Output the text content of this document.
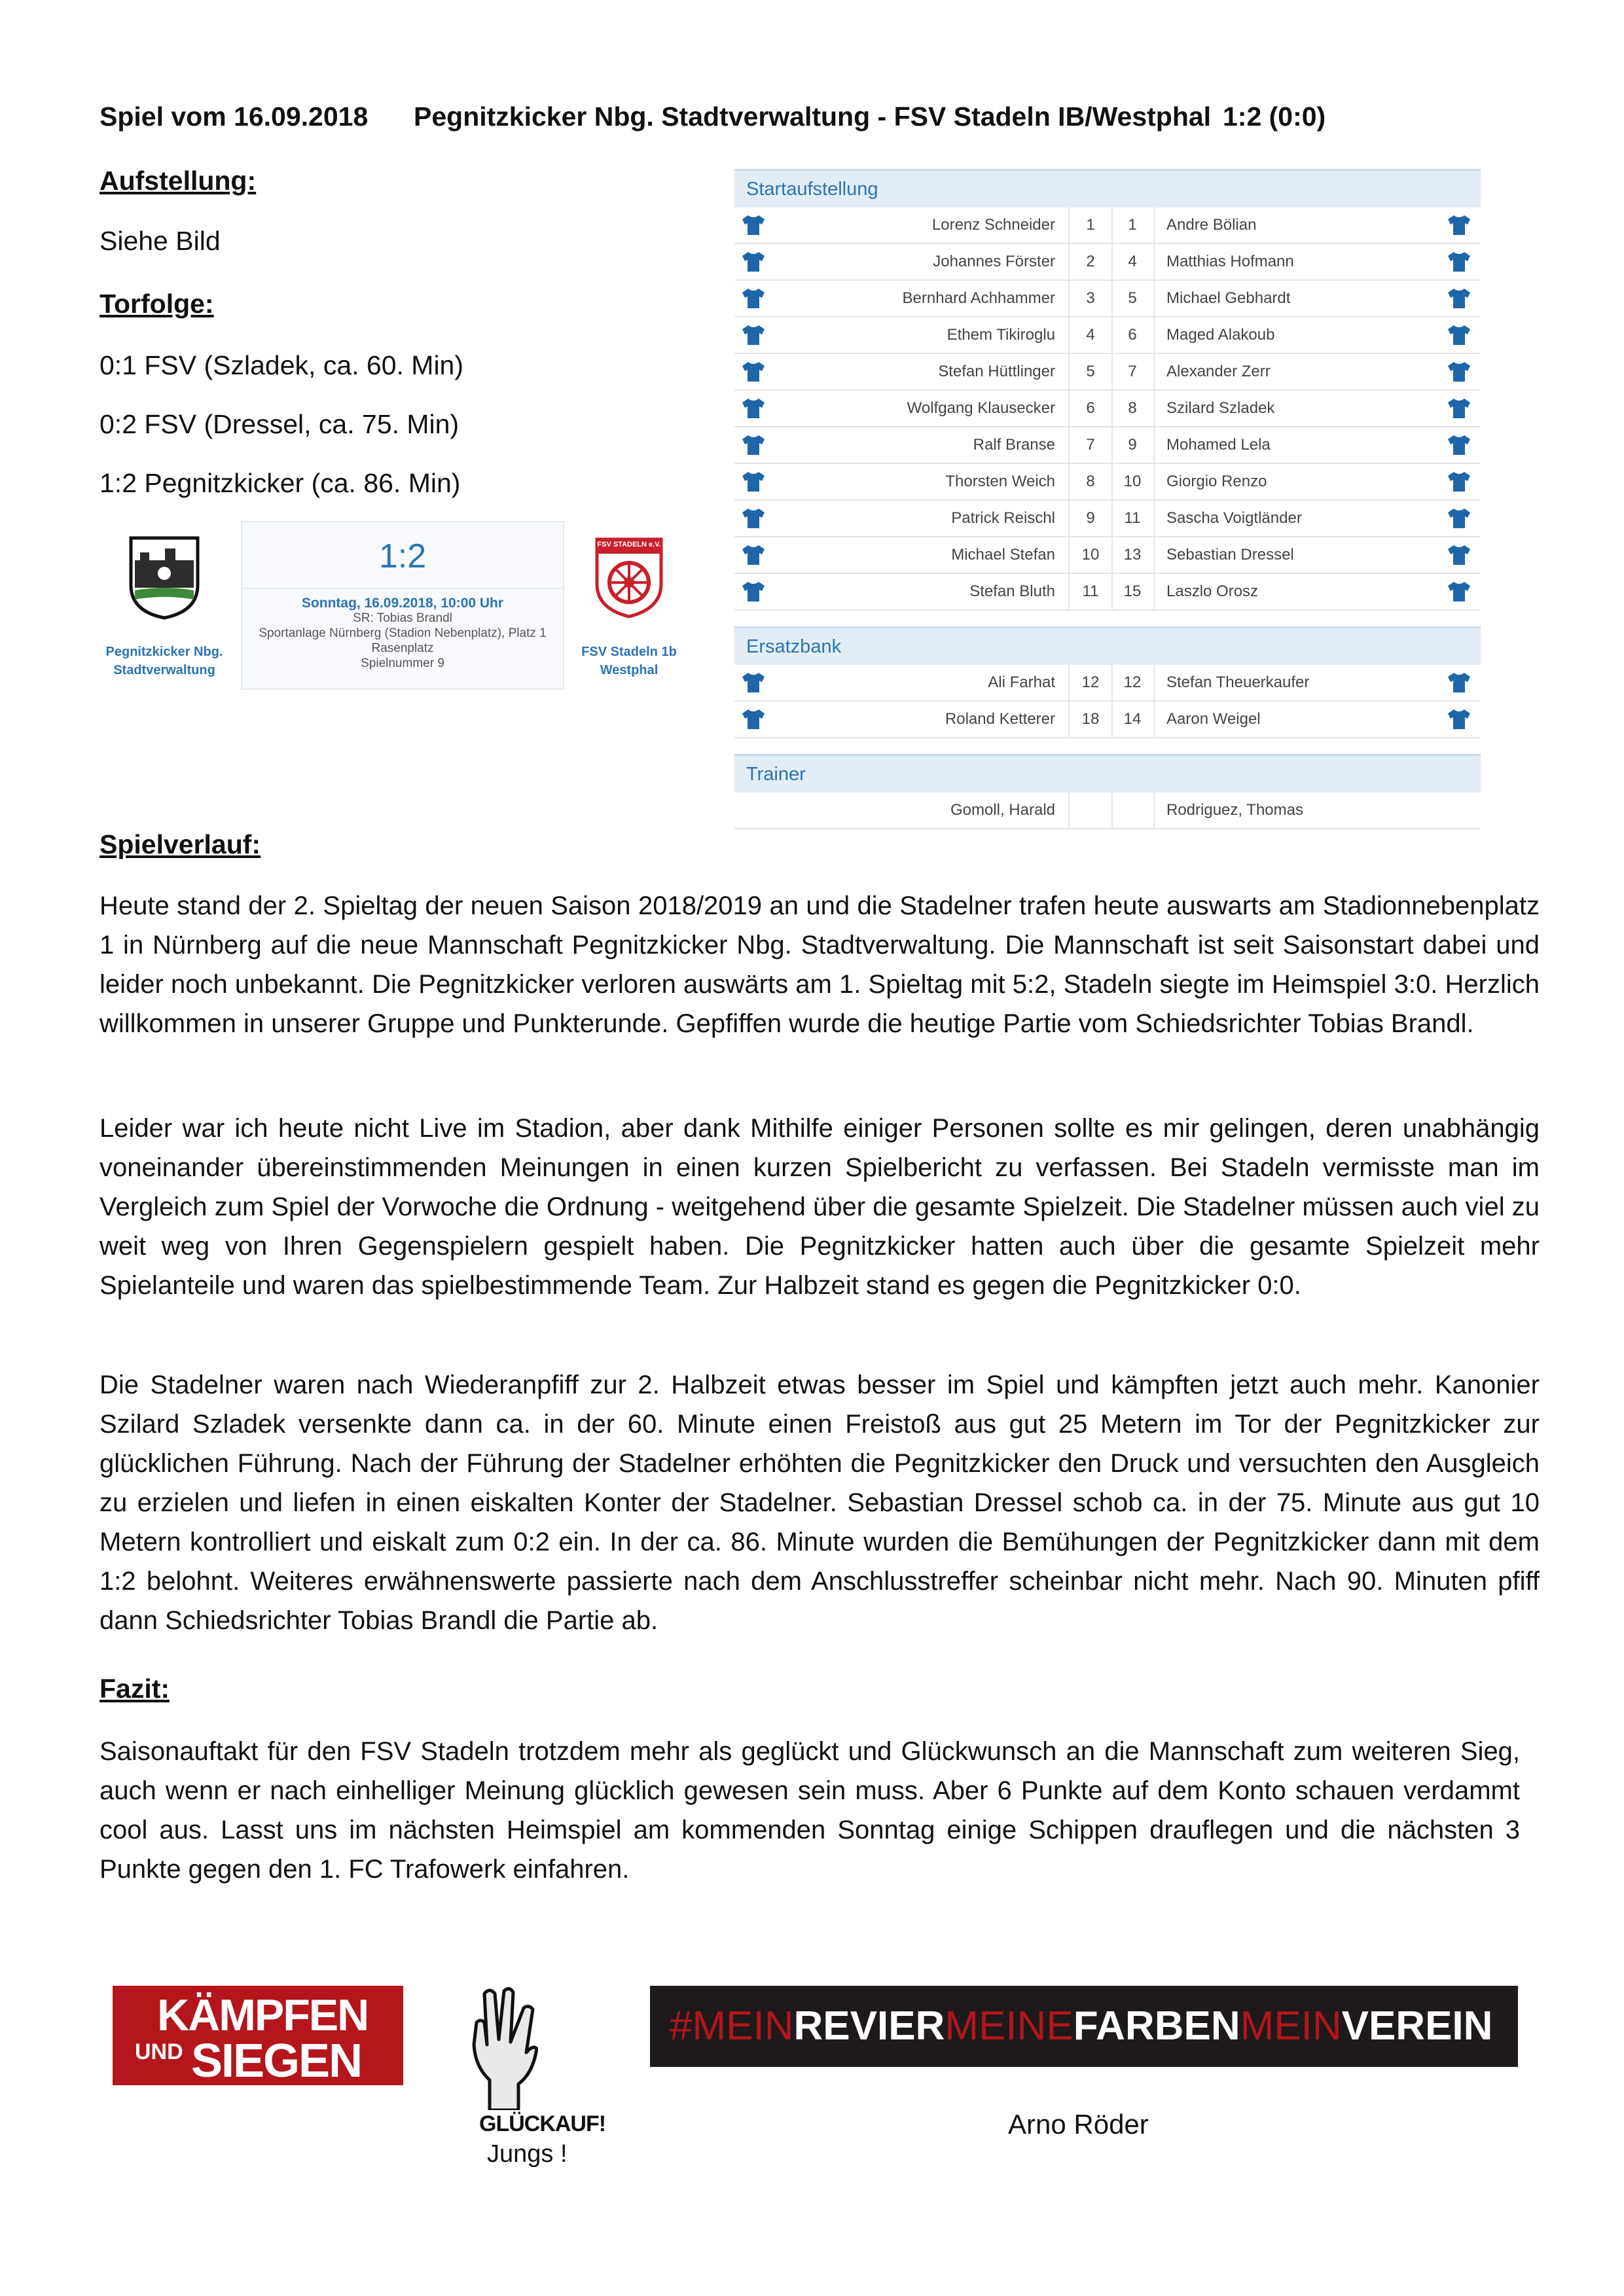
Spiel vom 16.09.2018 Pegnitzkicker Nbg. Stadtverwaltung - FSV Stadeln IB/Westphal 1:2 (0:0)
Aufstellung:
Siehe Bild
Torfolge:
0:1 FSV (Szladek, ca. 60. Min)
0:2 FSV (Dressel, ca. 75. Min)
1:2 Pegnitzkicker (ca. 86. Min)
PEGNITZ KICKER
Pegnitzkicker Nbg. Stadtverwaltung
1:2
Sonntag, 16.09.2018, 10:00 Uhr
SR: Tobias Brandl
Sportanlage Nürnberg (Stadion Nebenplatz), Platz 1
Rasenplatz
Spielnummer 9
FSV STADELN e.V.
FSV Stadeln 1b Westphal
Startaufstellung
Lorenz Schneider	1	1	Andre Bölian
Johannes Förster	2	4	Matthias Hofmann
Bernhard Achhammer	3	5	Michael Gebhardt
Ethem Tikiroglu	4	6	Maged Alakoub
Stefan Hüttlinger	5	7	Alexander Zerr
Wolfgang Klausecker	6	8	Szilard Szladek
Ralf Branse	7	9	Mohamed Lela
Thorsten Weich	8	10	Giorgio Renzo
Patrick Reischl	9	11	Sascha Voigtländer
Michael Stefan	10	13	Sebastian Dressel
Stefan Bluth	11	15	Laszlo Orosz
Ersatzbank
Ali Farhat	12	12	Stefan Theuerkaufer
Roland Ketterer	18	14	Aaron Weigel
Trainer
Gomoll, Harald	Rodriguez, Thomas
Spielverlauf:

Heute stand der 2. Spieltag der neuen Saison 2018/2019 an und die Stadelner trafen heute auswarts am Stadionnebenplatz 1 in Nürnberg auf die neue Mannschaft Pegnitzkicker Nbg. Stadtverwaltung. Die Mannschaft ist seit Saisonstart dabei und leider noch unbekannt. Die Pegnitzkicker verloren auswärts am 1. Spieltag mit 5:2, Stadeln siegte im Heimspiel 3:0. Herzlich willkommen in unserer Gruppe und Punkterunde. Gepfiffen wurde die heutige Partie vom Schiedsrichter Tobias Brandl.

Leider war ich heute nicht Live im Stadion, aber dank Mithilfe einiger Personen sollte es mir gelingen, deren unabhängig voneinander übereinstimmenden Meinungen in einen kurzen Spielbericht zu verfassen. Bei Stadeln vermisste man im Vergleich zum Spiel der Vorwoche die Ordnung - weitgehend über die gesamte Spielzeit. Die Stadelner müssen auch viel zu weit weg von Ihren Gegenspielern gespielt haben. Die Pegnitzkicker hatten auch über die gesamte Spielzeit mehr Spielanteile und waren das spielbestimmende Team. Zur Halbzeit stand es gegen die Pegnitzkicker 0:0.

Die Stadelner waren nach Wiederanpfiff zur 2. Halbzeit etwas besser im Spiel und kämpften jetzt auch mehr. Kanonier Szilard Szladek versenkte dann ca. in der 60. Minute einen Freistoß aus gut 25 Metern im Tor der Pegnitzkicker zur glücklichen Führung. Nach der Führung der Stadelner erhöhten die Pegnitzkicker den Druck und versuchten den Ausgleich zu erzielen und liefen in einen eiskalten Konter der Stadelner. Sebastian Dressel schob ca. in der 75. Minute aus gut 10 Metern kontrolliert und eiskalt zum 0:2 ein. In der ca. 86. Minute wurden die Bemühungen der Pegnitzkicker dann mit dem 1:2 belohnt. Weiteres erwähnenswerte passierte nach dem Anschlusstreffer scheinbar nicht mehr. Nach 90. Minuten pfiff dann Schiedsrichter Tobias Brandl die Partie ab.

Fazit:

Saisonauftakt für den FSV Stadeln trotzdem mehr als geglückt und Glückwunsch an die Mannschaft zum weiteren Sieg, auch wenn er nach einhelliger Meinung glücklich gewesen sein muss. Aber 6 Punkte auf dem Konto schauen verdammt cool aus. Lasst uns im nächsten Heimspiel am kommenden Sonntag einige Schippen drauflegen und die nächsten 3 Punkte gegen den 1. FC Trafowerk einfahren.

KÄMPFEN
UND SIEGEN
GLÜCKAUF!
Jungs !
#MEINREVIERMEINEFARBENMEINVEREIN
Arno Röder
